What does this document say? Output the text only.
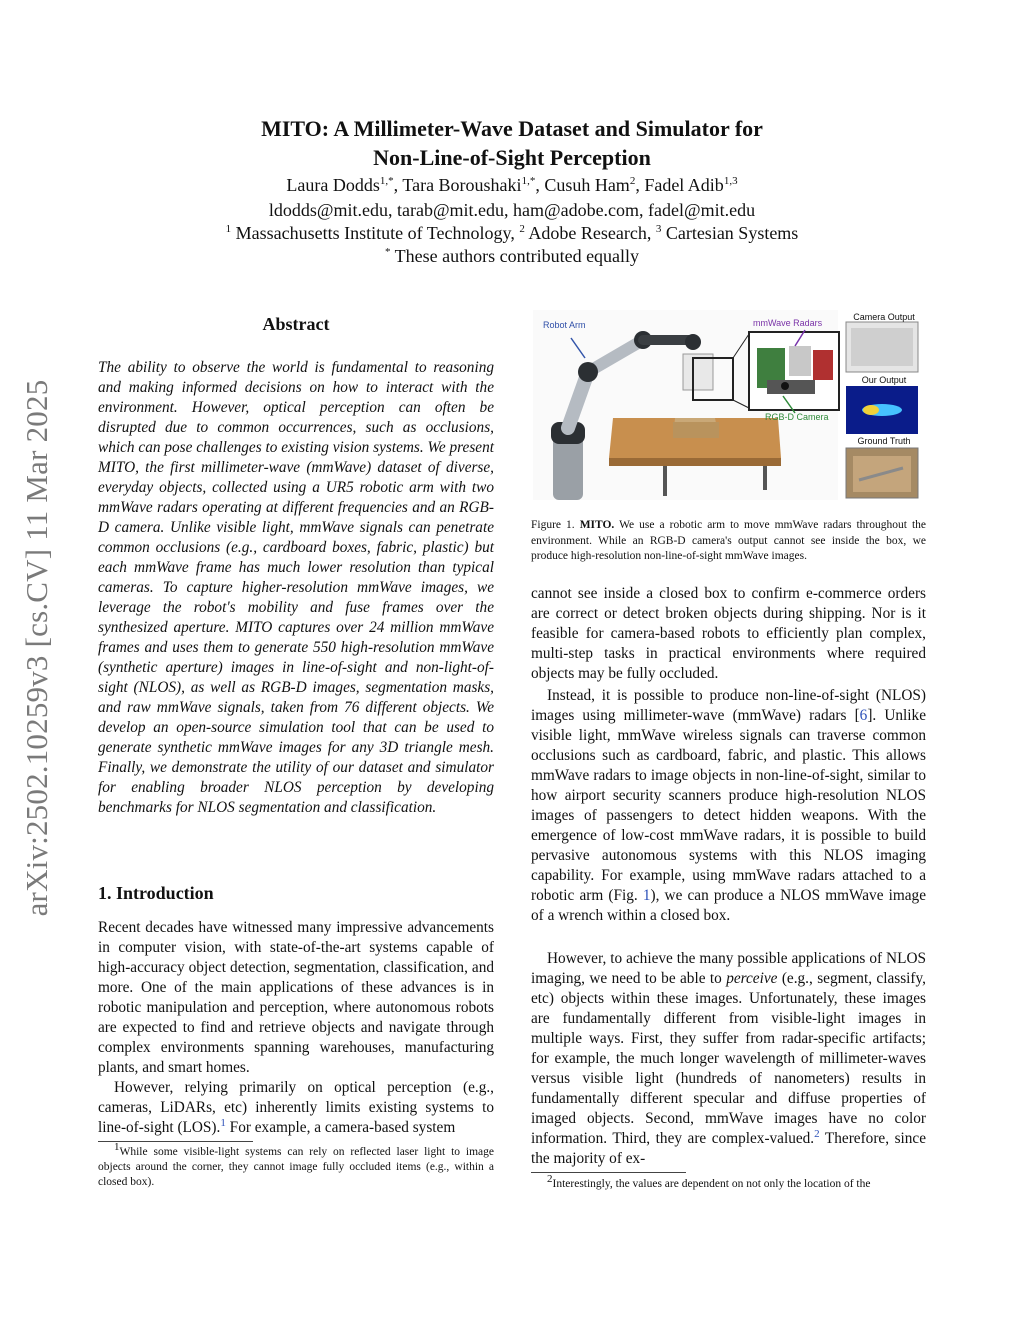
arXiv:2502.10259v3 [cs.CV] 11 Mar 2025
MITO: A Millimeter-Wave Dataset and Simulator for
Non-Line-of-Sight Perception
Laura Dodds$^{1,*}$, Tara Boroushaki$^{1,*}$, Cusuh Ham$^2$, Fadel Adib$^{1,3}$
ldodds@mit.edu, tarab@mit.edu, ham@adobe.com, fadel@mit.edu
$^1$ Massachusetts Institute of Technology, $^2$ Adobe Research, $^3$ Cartesian Systems
* These authors contributed equally
Abstract

The ability to observe the world is fundamental to reasoning and making informed decisions on how to interact with the environment. However, optical perception can often be disrupted due to common occurrences, such as occlusions, which can pose challenges to existing vision systems. We present MITO, the first millimeter-wave (mmWave) dataset of diverse, everyday objects, collected using a UR5 robotic arm with two mmWave radars operating at different frequencies and an RGB-D camera. Unlike visible light, mmWave signals can penetrate common occlusions (e.g., cardboard boxes, fabric, plastic) but each mmWave frame has much lower resolution than typical cameras. To capture higher-resolution mmWave images, we leverage the robot's mobility and fuse frames over the synthesized aperture. MITO captures over 24 million mmWave frames and uses them to generate 550 high-resolution mmWave (synthetic aperture) images in line-of-sight and non-light-of-sight (NLOS), as well as RGB-D images, segmentation masks, and raw mmWave signals, taken from 76 different objects. We develop an open-source simulation tool that can be used to generate synthetic mmWave images for any 3D triangle mesh. Finally, we demonstrate the utility of our dataset and simulator for enabling broader NLOS perception by developing benchmarks for NLOS segmentation and classification.

1. Introduction

Recent decades have witnessed many impressive advancements in computer vision, with state-of-the-art systems capable of high-accuracy object detection, segmentation, classification, and more. One of the main applications of these advances is in robotic manipulation and perception, where autonomous robots are expected to find and retrieve objects and navigate through complex environments spanning warehouses, manufacturing plants, and smart homes.

However, relying primarily on optical perception (e.g., cameras, LiDARs, etc) inherently limits existing systems to line-of-sight (LOS).$^1$ For example, a camera-based system

$^1$While some visible-light systems can rely on reflected laser light to image objects around the corner, they cannot image fully occluded items (e.g., within a closed box).

Robot Arm	mmWave Radars
RGB-D Camera
Camera Output
Our Output
Ground Truth

Figure 1. MITO. We use a robotic arm to move mmWave radars throughout the environment. While an RGB-D camera's output cannot see inside the box, we produce high-resolution non-line-of-sight mmWave images.

cannot see inside a closed box to confirm e-commerce orders are correct or detect broken objects during shipping. Nor is it feasible for camera-based robots to efficiently plan complex, multi-step tasks in practical environments where required objects may be fully occluded.

Instead, it is possible to produce non-line-of-sight (NLOS) images using millimeter-wave (mmWave) radars [6]. Unlike visible light, mmWave wireless signals can traverse common occlusions such as cardboard, fabric, and plastic. This allows mmWave radars to image objects in non-line-of-sight, similar to how airport security scanners produce high-resolution NLOS images of passengers to detect hidden weapons. With the emergence of low-cost mmWave radars, it is possible to build pervasive autonomous systems with this NLOS imaging capability. For example, using mmWave radars attached to a robotic arm (Fig. 1), we can produce a NLOS mmWave image of a wrench within a closed box.

However, to achieve the many possible applications of NLOS imaging, we need to be able to perceive (e.g., segment, classify, etc) objects within these images. Unfortunately, these images are fundamentally different from visible-light images in multiple ways. First, they suffer from radar-specific artifacts; for example, the much longer wavelength of millimeter-waves versus visible light (hundreds of nanometers) results in fundamentally different specular and diffuse properties of imaged objects. Second, mmWave images have no color information. Third, they are complex-valued.$^2$ Therefore, since the majority of ex-

$^2$Interestingly, the values are dependent on not only the location of the
